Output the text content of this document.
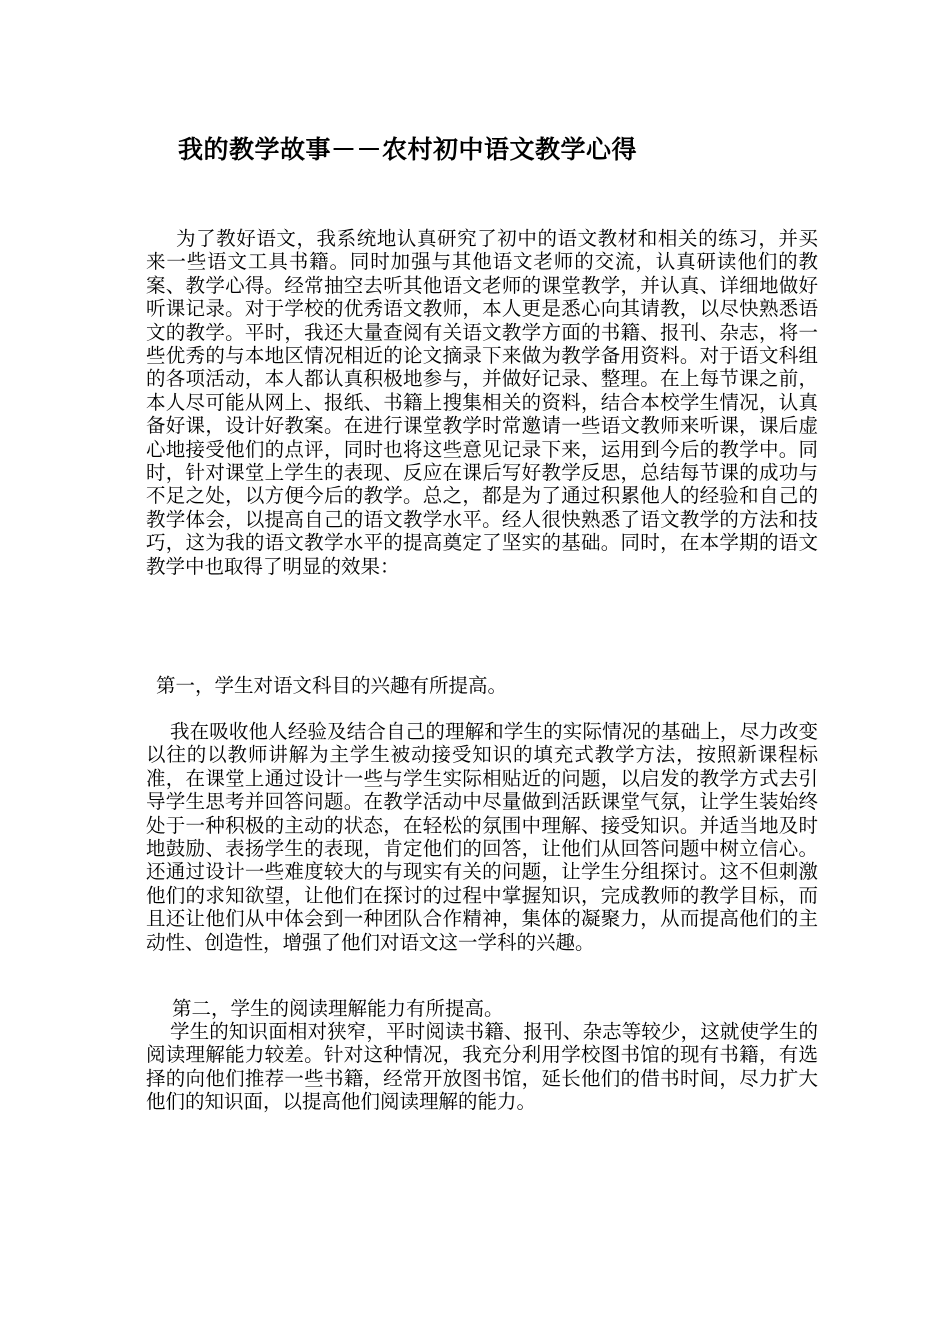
我的教学故事－－农村初中语文教学心得
为了教好语文，我系统地认真研究了初中的语文教材和相关的练习，并买来一些语文工具书籍。同时加强与其他语文老师的交流，认真研读他们的教案、教学心得。经常抽空去听其他语文老师的课堂教学，并认真、详细地做好听课记录。对于学校的优秀语文教师，本人更是悉心向其请教，以尽快熟悉语文的教学。平时，我还大量查阅有关语文教学方面的书籍、报刊、杂志，将一些优秀的与本地区情况相近的论文摘录下来做为教学备用资料。对于语文科组的各项活动，本人都认真积极地参与，并做好记录、整理。在上每节课之前，本人尽可能从网上、报纸、书籍上搜集相关的资料，结合本校学生情况，认真备好课，设计好教案。在进行课堂教学时常邀请一些语文教师来听课，课后虚心地接受他们的点评，同时也将这些意见记录下来，运用到今后的教学中。同时，针对课堂上学生的表现、反应在课后写好教学反思，总结每节课的成功与不足之处，以方便今后的教学。总之，都是为了通过积累他人的经验和自己的教学体会，以提高自己的语文教学水平。经人很快熟悉了语文教学的方法和技巧，这为我的语文教学水平的提高奠定了坚实的基础。同时，在本学期的语文教学中也取得了明显的效果：
第一，学生对语文科目的兴趣有所提高。
我在吸收他人经验及结合自己的理解和学生的实际情况的基础上，尽力改变以往的以教师讲解为主学生被动接受知识的填充式教学方法，按照新课程标准，在课堂上通过设计一些与学生实际相贴近的问题，以启发的教学方式去引导学生思考并回答问题。在教学活动中尽量做到活跃课堂气氛，让学生装始终处于一种积极的主动的状态，在轻松的氛围中理解、接受知识。并适当地及时地鼓励、表扬学生的表现，肯定他们的回答，让他们从回答问题中树立信心。还通过设计一些难度较大的与现实有关的问题，让学生分组探讨。这不但刺激他们的求知欲望，让他们在探讨的过程中掌握知识，完成教师的教学目标，而且还让他们从中体会到一种团队合作精神，集体的凝聚力，从而提高他们的主动性、创造性，增强了他们对语文这一学科的兴趣。
第二，学生的阅读理解能力有所提高。
学生的知识面相对狭窄，平时阅读书籍、报刊、杂志等较少，这就使学生的阅读理解能力较差。针对这种情况，我充分利用学校图书馆的现有书籍，有选择的向他们推荐一些书籍，经常开放图书馆，延长他们的借书时间，尽力扩大他们的知识面，以提高他们阅读理解的能力。
